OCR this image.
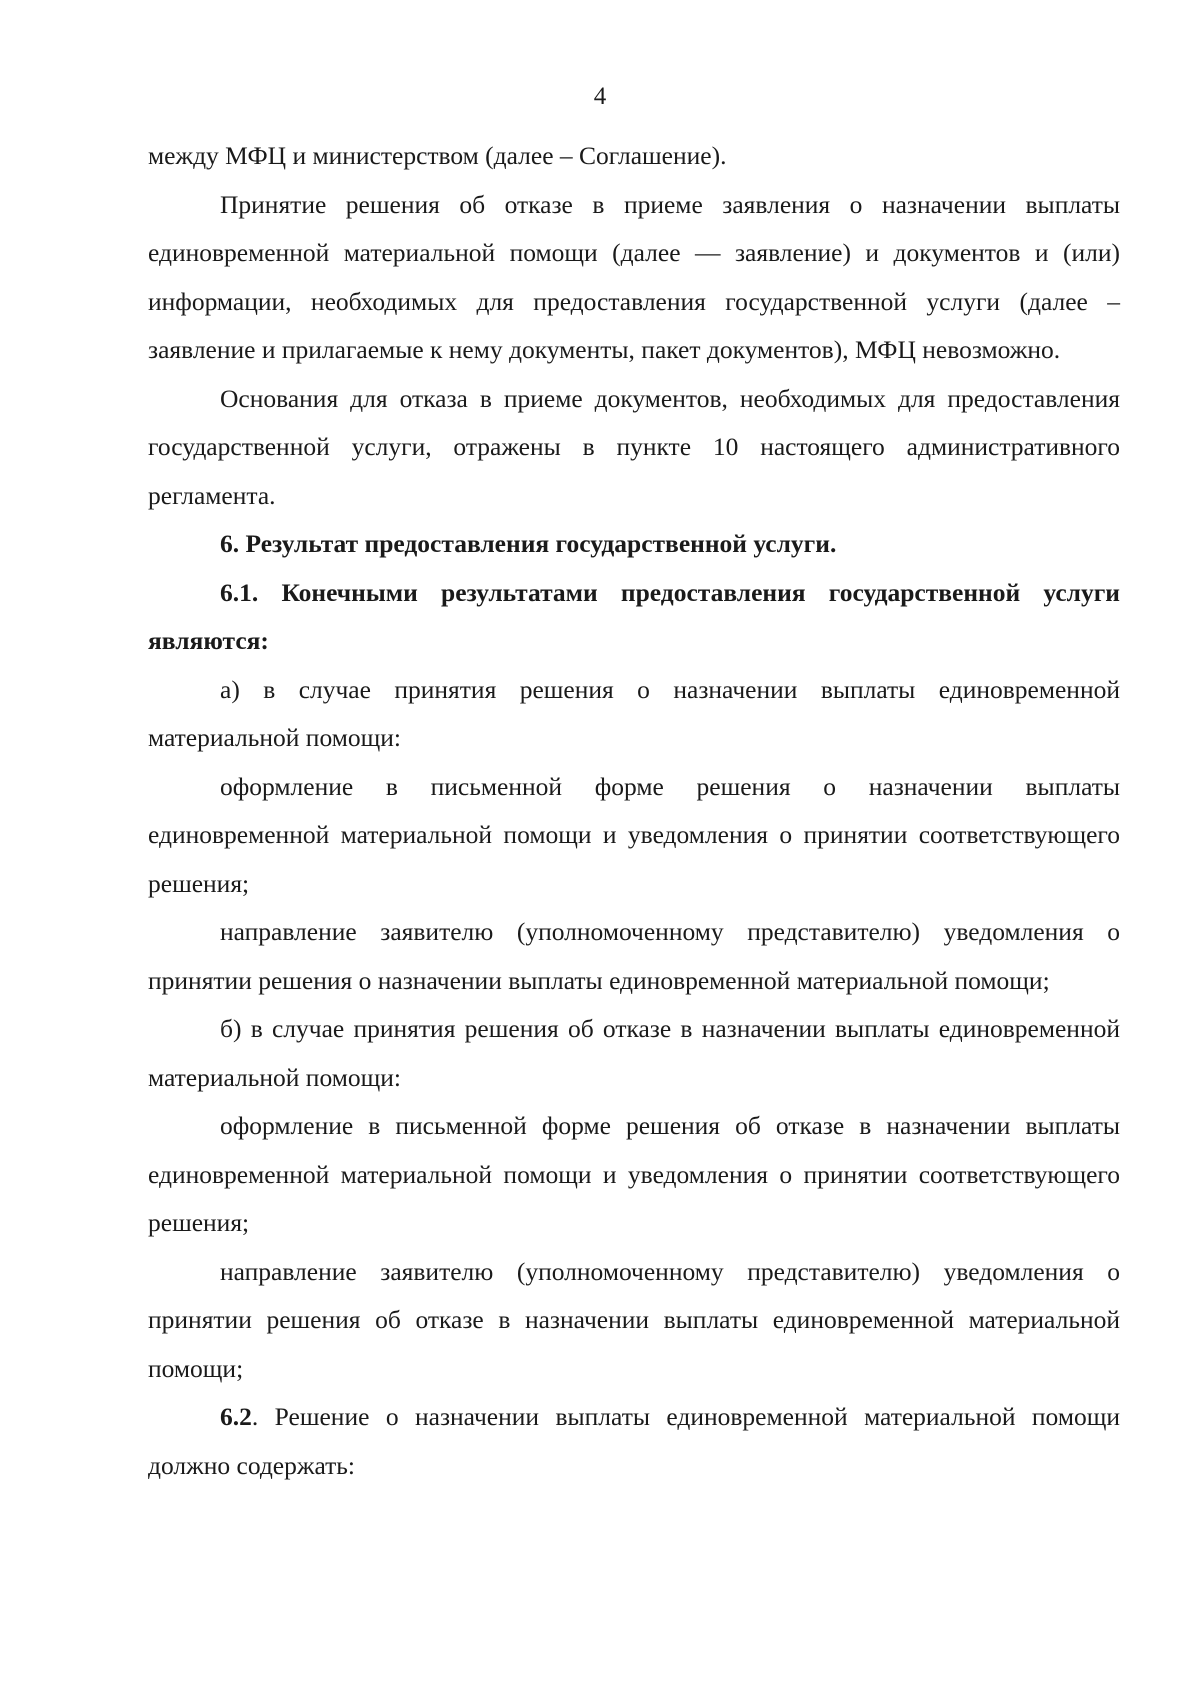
4

между МФЦ и министерством (далее – Соглашение).

Принятие решения об отказе в приеме заявления о назначении выплаты единовременной материальной помощи (далее — заявление) и документов и (или) информации, необходимых для предоставления государственной услуги (далее – заявление и прилагаемые к нему документы, пакет документов), МФЦ невозможно.

Основания для отказа в приеме документов, необходимых для предоставления государственной услуги, отражены в пункте 10 настоящего административного регламента.

6. Результат предоставления государственной услуги.

6.1. Конечными результатами предоставления государственной услуги являются:

а) в случае принятия решения о назначении выплаты единовременной материальной помощи:

оформление в письменной форме решения о назначении выплаты единовременной материальной помощи и уведомления о принятии соответствующего решения;

направление заявителю (уполномоченному представителю) уведомления о принятии решения о назначении выплаты единовременной материальной помощи;

б) в случае принятия решения об отказе в назначении выплаты единовременной материальной помощи:

оформление в письменной форме решения об отказе в назначении выплаты единовременной материальной помощи и уведомления о принятии соответствующего решения;

направление заявителю (уполномоченному представителю) уведомления о принятии решения об отказе в назначении выплаты единовременной материальной помощи;

6.2. Решение о назначении выплаты единовременной материальной помощи должно содержать:
